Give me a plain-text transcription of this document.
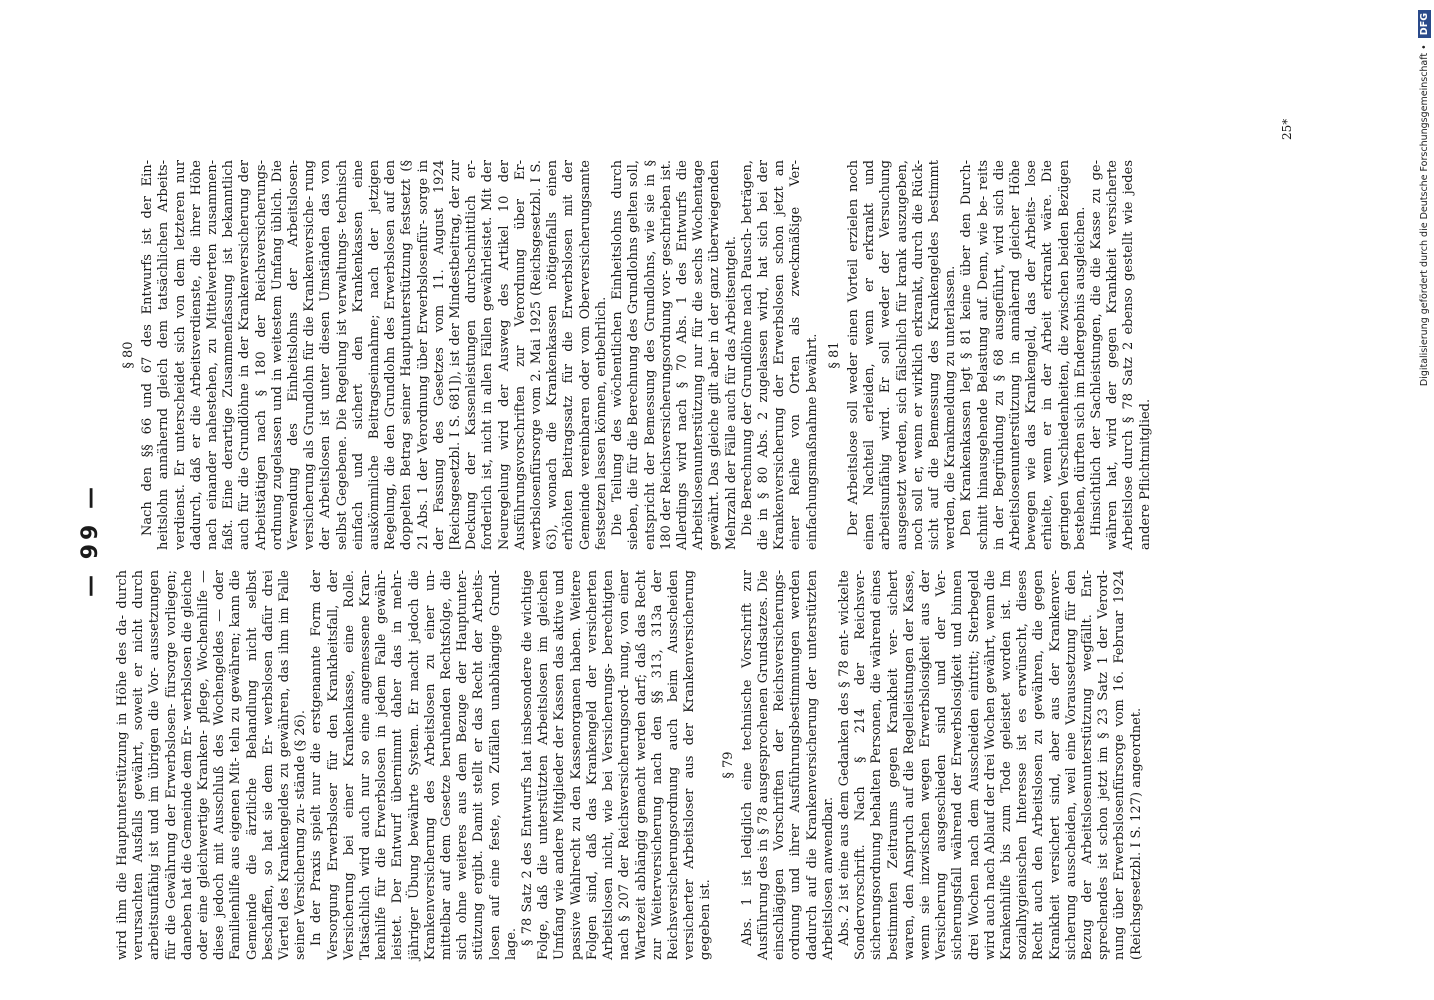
— 99 —

wird ihm die Hauptunterstützung in Höhe des da- durch verursachten Ausfalls gewährt, soweit er nicht durch arbeitsunfähig ist und im übrigen die Vor- aussetzungen für die Gewährung der Erwerbslosen- fürsorge vorliegen; daneben hat die Gemeinde dem Er- werbslosen die gleiche oder eine gleichwertige Kranken- pflege, Wochenhilfe — diese jedoch mit Ausschluß des Wochengeldes — oder Familienhilfe aus eigenen Mit- teln zu gewähren; kann die Gemeinde die ärztliche Behandlung nicht selbst beschaffen, so hat sie dem Er- werbslosen dafür drei Viertel des Krankengeldes zu gewähren, das ihm im Falle seiner Versicherung zu- stände (§ 26). In der Praxis spielt nur die erstgenannte Form der Versorgung Erwerbsloser für den Krankheitsfall, der Versicherung bei einer Krankenkasse, eine Rolle. Tatsächlich wird auch nur so eine angemessene Kran- kenhilfe für die Erwerbslosen in jedem Falle gewähr- leistet. Der Entwurf übernimmt daher das in mehr- jähriger Übung bewährte System. Er macht jedoch die Krankenversicherung des Arbeitslosen zu einer un- mittelbar auf dem Gesetze beruhenden Rechtsfolge, die sich ohne weiteres aus dem Bezuge der Hauptunter- stützung ergibt. Damit stellt er das Recht der Arbeits- losen auf eine feste, von Zufällen unabhängige Grund- lage. § 78 Satz 2 des Entwurfs hat insbesondere die wichtige Folge, daß die unterstützten Arbeitslosen im gleichen Umfang wie andere Mitglieder der Kassen das aktive und passive Wahlrecht zu den Kassenorganen haben. Weitere Folgen sind, daß das Krankengeld der versicherten Arbeitslosen nicht, wie bei Versicherungs- berechtigten nach § 207 der Reichsversicherungsord- nung, von einer Wartezeit abhängig gemacht werden darf; daß das Recht zur Weiterversicherung nach den §§ 313, 313a der Reichsversicherungsordnung auch beim Ausscheiden versicherter Arbeitsloser aus der Krankenversicherung gegeben ist.

§ 79 Abs. 1 ist lediglich eine technische Vorschrift zur Ausführung des in § 78 ausgesprochenen Grundsatzes. Die einschlägigen Vorschriften der Reichsversicherungs- ordnung und ihrer Ausführungsbestimmungen werden dadurch auf die Krankenversicherung der unterstützten Arbeitslosen anwendbar. Abs. 2 ist eine aus dem Gedanken des § 78 ent- wickelte Sondervorschrift. Nach § 214 der Reichsver- sicherungsordnung behalten Personen, die während eines bestimmten Zeitraums gegen Krankheit ver- sichert waren, den Anspruch auf die Regelleistungen der Kasse, wenn sie inzwischen wegen Erwerbslosigkeit aus der Versicherung ausgeschieden sind und der Ver- sicherungsfall während der Erwerbslosigkeit und binnen drei Wochen nach dem Ausscheiden eintritt; Sterbegeld wird auch nach Ablauf der drei Wochen gewährt, wenn die Krankenhilfe bis zum Tode geleistet worden ist. Im sozialhygienischen Interesse ist es erwünscht, dieses Recht auch den Arbeitslosen zu gewähren, die gegen Krankheit versichert sind, aber aus der Krankenver- sicherung ausscheiden, weil eine Voraussetzung für den Bezug der Arbeitslosenunterstützung wegfällt. Ent- sprechendes ist schon jetzt im § 23 Satz 1 der Verord- nung über Erwerbslosenfürsorge vom 16. Februar 1924 (Reichsgesetzbl. I S. 127) angeordnet.

§ 80 Nach den §§ 66 und 67 des Entwurfs ist der Ein- heitslohn annähernd gleich dem tatsächlichen Arbeits- verdienst. Er unterscheidet sich von dem letzteren nur dadurch, daß er die Arbeitsverdienste, die ihrer Höhe nach einander nahestehen, zu Mittelwerten zusammen- faßt. Eine derartige Zusammenfassung ist bekanntlich auch für die Grundlöhne in der Krankenversicherung der Arbeitstätigen nach § 180 der Reichsversicherungs- ordnung zugelassen und in weitestem Umfang üblich. Die Verwendung des Einheitslohns der Arbeitslosen- versicherung als Grundlohn für die Krankenversiche- rung der Arbeitslosen ist unter diesen Umständen das von selbst Gegebene. Die Regelung ist verwaltungs- technisch einfach und sichert den Krankenkassen eine auskömmliche Beitragseinnahme; nach der jetzigen Regelung, die den Grundlohn des Erwerbslosen auf den doppelten Betrag seiner Hauptunterstützung festsetzt (§ 21 Abs. 1 der Verordnung über Erwerbslosenfür- sorge in der Fassung des Gesetzes vom 11. August 1924 [Reichsgesetzbl. I S. 681]), ist der Mindestbeitrag, der zur Deckung der Kassenleistungen durchschnittlich er- forderlich ist, nicht in allen Fällen gewährleistet. Mit der Neuregelung wird der Ausweg des Artikel 10 der Ausführungsvorschriften zur Verordnung über Er- werbslosenfürsorge vom 2. Mai 1925 (Reichsgesetzbl. I S. 63), wonach die Krankenkassen nötigenfalls einen erhöhten Beitragssatz für die Erwerbslosen mit der Gemeinde vereinbaren oder vom Oberversicherungsamte festsetzen lassen können, entbehrlich. Die Teilung des wöchentlichen Einheitslohns durch sieben, die für die Berechnung des Grundlohns gelten soll, entspricht der Bemessung des Grundlohns, wie sie in § 180 der Reichsversicherungsordnung vor- geschrieben ist. Allerdings wird nach § 70 Abs. 1 des Entwurfs die Arbeitslosenunterstützung nur für die sechs Wochentage gewährt. Das gleiche gilt aber in der ganz überwiegenden Mehrzahl der Fälle auch für das Arbeitsentgelt. Die Berechnung der Grundlöhne nach Pausch- beträgen, die in § 80 Abs. 2 zugelassen wird, hat sich bei der Krankenversicherung der Erwerbslosen schon jetzt an einer Reihe von Orten als zweckmäßige Ver- einfachungsmaßnahme bewährt. § 81 Der Arbeitslose soll weder einen Vorteil erzielen noch einen Nachteil erleiden, wenn er erkrankt und arbeitsunfähig wird. Er soll weder der Versuchung ausgesetzt werden, sich fälschlich für krank auszugeben, noch soll er, wenn er wirklich erkrankt, durch die Rück- sicht auf die Bemessung des Krankengeldes bestimmt werden, die Krankmeldung zu unterlassen. Den Krankenkassen legt § 81 keine über den Durch- schnitt hinausgehende Belastung auf. Denn, wie be- reits in der Begründung zu § 68 ausgeführt, wird sich die Arbeitslosenunterstützung in annähernd gleicher Höhe bewegen wie das Krankengeld, das der Arbeits- lose erhielte, wenn er in der Arbeit erkrankt wäre. Die geringen Verschiedenheiten, die zwischen beiden Bezügen bestehen, dürften sich im Endergebnis ausgleichen. Hinsichtlich der Sachleistungen, die die Kasse zu ge- währen hat, wird der gegen Krankheit versicherte Arbeitslose durch § 78 Satz 2 ebenso gestellt wie jedes andere Pflichtmitglied.

25*	Digitalisierung gefördert durch die Deutsche Forschungsgemeinschaft • DFG
